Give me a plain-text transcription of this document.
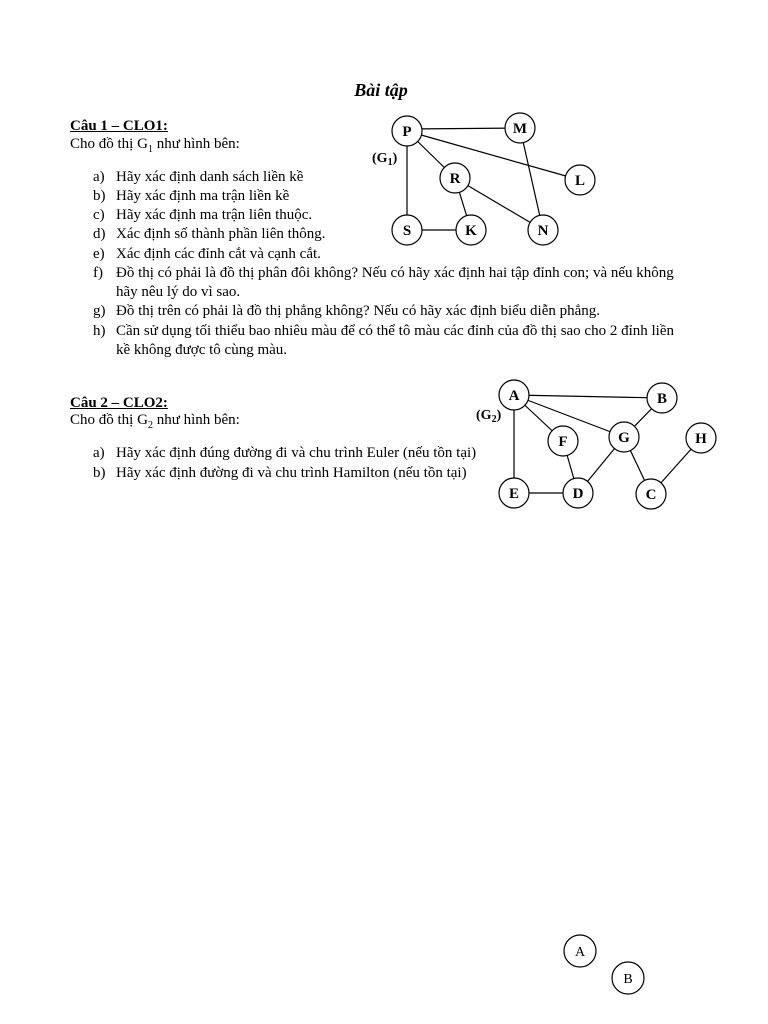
Bài tập
Câu 1 – CLO1:
Cho đồ thị $G_1$ như hình bên:
a) Hãy xác định danh sách liền kề
b) Hãy xác định ma trận liền kề
c) Hãy xác định ma trận liên thuộc.
d) Xác định số thành phần liên thông.
e) Xác định các đỉnh cắt và cạnh cắt.
f) Đồ thị có phải là đồ thị phân đôi không? Nếu có hãy xác định hai tập đỉnh con; và nếu không
hãy nêu lý do vì sao.
g) Đồ thị trên có phải là đồ thị phẳng không? Nếu có hãy xác định biểu diễn phẳng.
h) Cần sử dụng tối thiểu bao nhiêu màu để có thể tô màu các đỉnh của đồ thị sao cho 2 đỉnh liền
kề không được tô cùng màu.
P	M
R	L
S	K	N
$(G_1)$
Câu 2 – CLO2:
Cho đồ thị $G_2$ như hình bên:
a) Hãy xác định đúng đường đi và chu trình Euler (nếu tồn tại)
b) Hãy xác định đường đi và chu trình Hamilton (nếu tồn tại)
A	B
F	G	H
E	D	C
$(G_2)$
A
B
